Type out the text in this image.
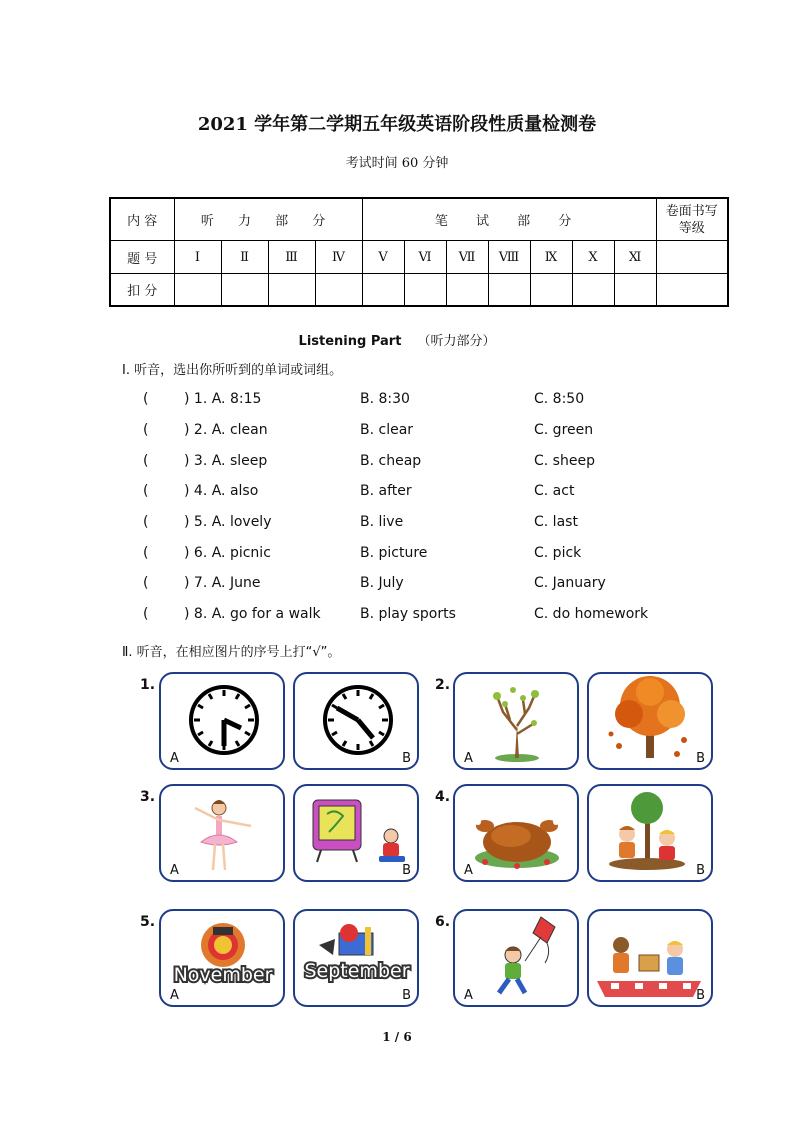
2021 学年第二学期五年级英语阶段性质量检测卷
考试时间 60 分钟
内 容	听 力 部 分				笔 试 部 分							卷面书写
等级

题 号	Ⅰ	Ⅱ	Ⅲ	Ⅳ	Ⅴ	Ⅵ	Ⅶ	Ⅷ	Ⅸ	Ⅹ	Ⅺ	
扣 分												
Listening Part （听力部分）
Ⅰ. 听音，选出你所听到的单词或词组。
(	) 1. A. 8:15	B. 8:30	C. 8:50
(	) 2. A. clean	B. clear	C. green
(	) 3. A. sleep	B. cheap	C. sheep
(	) 4. A. also	B. after	C. act
(	) 5. A. lovely	B. live	C. last
(	) 6. A. picnic	B. picture	C. pick
(	) 7. A. June	B. July	C. January
(	) 8. A. go for a walk	B. play sports	C. do homework
Ⅱ. 听音，在相应图片的序号上打“√”。
1.
A	B
2.
A	B
3.
A	B
4.
A	B
5.
November
A
September
B
6.
A	B
1 / 6
